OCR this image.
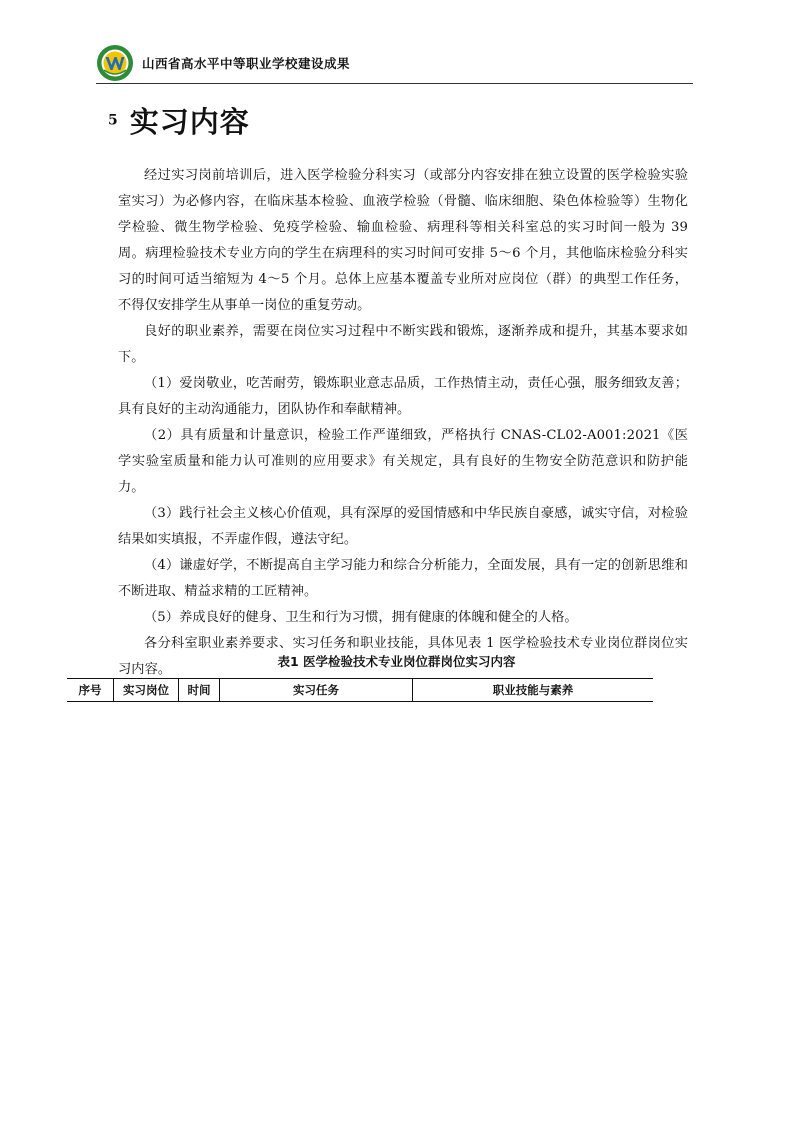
山西省高水平中等职业学校建设成果
5 实习内容

经过实习岗前培训后，进入医学检验分科实习（或部分内容安排在独立设置的医学检验实验室实习）为必修内容，在临床基本检验、血液学检验（骨髓、临床细胞、染色体检验等）生物化学检验、微生物学检验、免疫学检验、输血检验、病理科等相关科室总的实习时间一般为 39 周。病理检验技术专业方向的学生在病理科的实习时间可安排 5～6 个月，其他临床检验分科实习的时间可适当缩短为 4～5 个月。总体上应基本覆盖专业所对应岗位（群）的典型工作任务，不得仅安排学生从事单一岗位的重复劳动。

良好的职业素养，需要在岗位实习过程中不断实践和锻炼，逐渐养成和提升，其基本要求如下。

（1）爱岗敬业，吃苦耐劳，锻炼职业意志品质，工作热情主动，责任心强，服务细致友善；具有良好的主动沟通能力，团队协作和奉献精神。

（2）具有质量和计量意识，检验工作严谨细致，严格执行 CNAS-CL02-A001:2021《医学实验室质量和能力认可准则的应用要求》有关规定，具有良好的生物安全防范意识和防护能力。

（3）践行社会主义核心价值观，具有深厚的爱国情感和中华民族自豪感，诚实守信，对检验结果如实填报，不弄虚作假，遵法守纪。

（4）谦虚好学，不断提高自主学习能力和综合分析能力，全面发展，具有一定的创新思维和不断进取、精益求精的工匠精神。

（5）养成良好的健身、卫生和行为习惯，拥有健康的体魄和健全的人格。

各分科室职业素养要求、实习任务和职业技能，具体见表 1 医学检验技术专业岗位群岗位实习内容。

表1 医学检验技术专业岗位群岗位实习内容
序号	实习岗位	时间	实习任务	职业技能与素养
